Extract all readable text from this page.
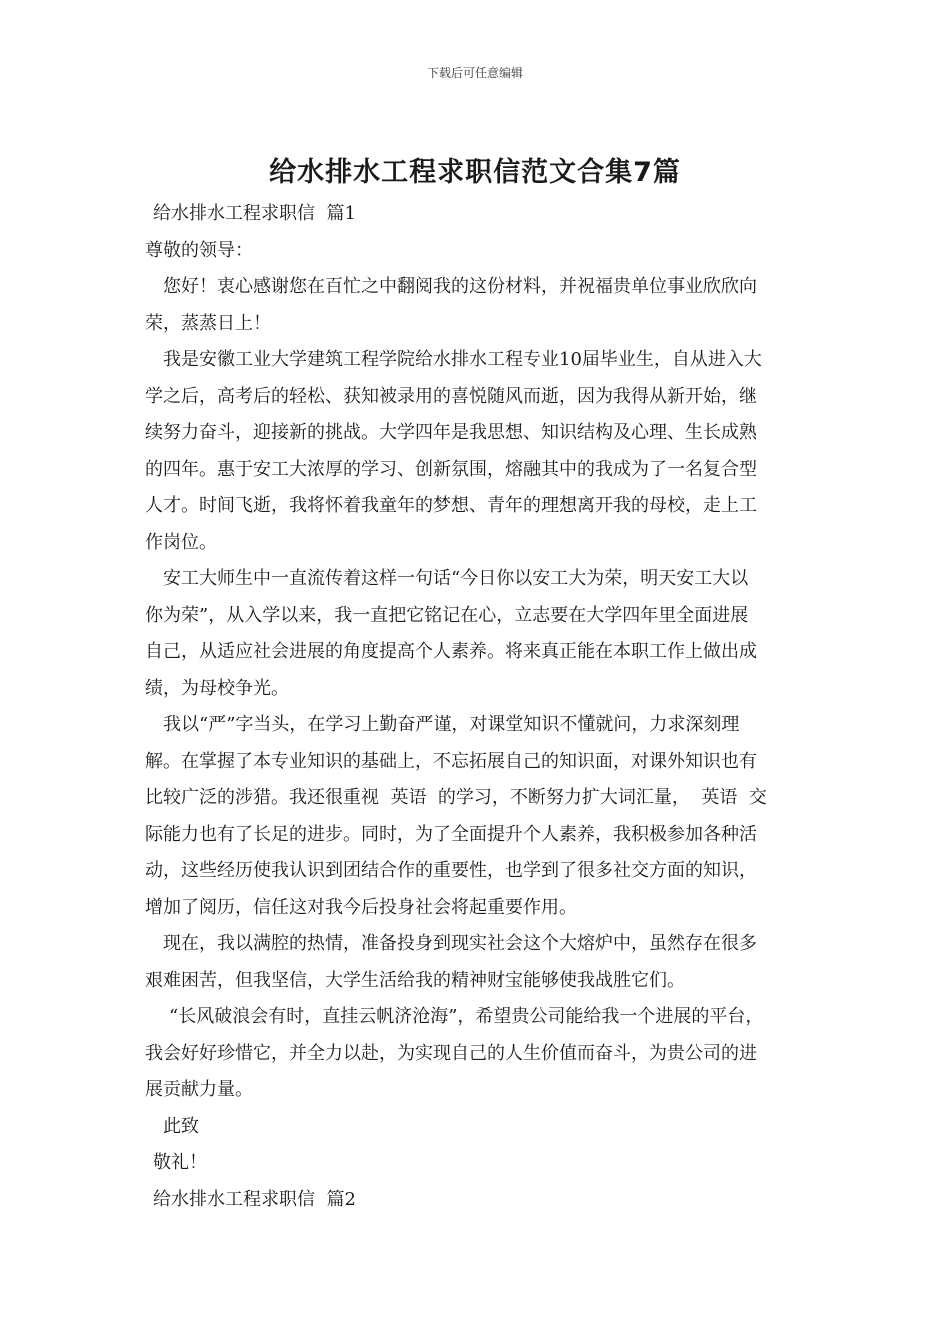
下载后可任意编辑
给水排水工程求职信范文合集7篇
给水排水工程求职信  篇1
尊敬的领导：
您好！衷心感谢您在百忙之中翻阅我的这份材料，并祝福贵单位事业欣欣向
荣，蒸蒸日上！
我是安徽工业大学建筑工程学院给水排水工程专业10届毕业生，自从进入大
学之后，高考后的轻松、获知被录用的喜悦随风而逝，因为我得从新开始，继
续努力奋斗，迎接新的挑战。大学四年是我思想、知识结构及心理、生长成熟
的四年。惠于安工大浓厚的学习、创新氛围，熔融其中的我成为了一名复合型
人才。时间飞逝，我将怀着我童年的梦想、青年的理想离开我的母校，走上工
作岗位。
安工大师生中一直流传着这样一句话“今日你以安工大为荣，明天安工大以
你为荣”，从入学以来，我一直把它铭记在心，立志要在大学四年里全面进展
自己，从适应社会进展的角度提高个人素养。将来真正能在本职工作上做出成
绩，为母校争光。
我以“严”字当头，在学习上勤奋严谨，对课堂知识不懂就问，力求深刻理
解。在掌握了本专业知识的基础上，不忘拓展自己的知识面，对课外知识也有
比较广泛的涉猎。我还很重视  英语  的学习，不断努力扩大词汇量，  英语  交
际能力也有了长足的进步。同时，为了全面提升个人素养，我积极参加各种活
动，这些经历使我认识到团结合作的重要性，也学到了很多社交方面的知识，
增加了阅历，信任这对我今后投身社会将起重要作用。
现在，我以满腔的热情，准备投身到现实社会这个大熔炉中，虽然存在很多
艰难困苦，但我坚信，大学生活给我的精神财宝能够使我战胜它们。
“长风破浪会有时，直挂云帆济沧海”，希望贵公司能给我一个进展的平台，
我会好好珍惜它，并全力以赴，为实现自己的人生价值而奋斗，为贵公司的进
展贡献力量。
此致
敬礼！
给水排水工程求职信  篇2
